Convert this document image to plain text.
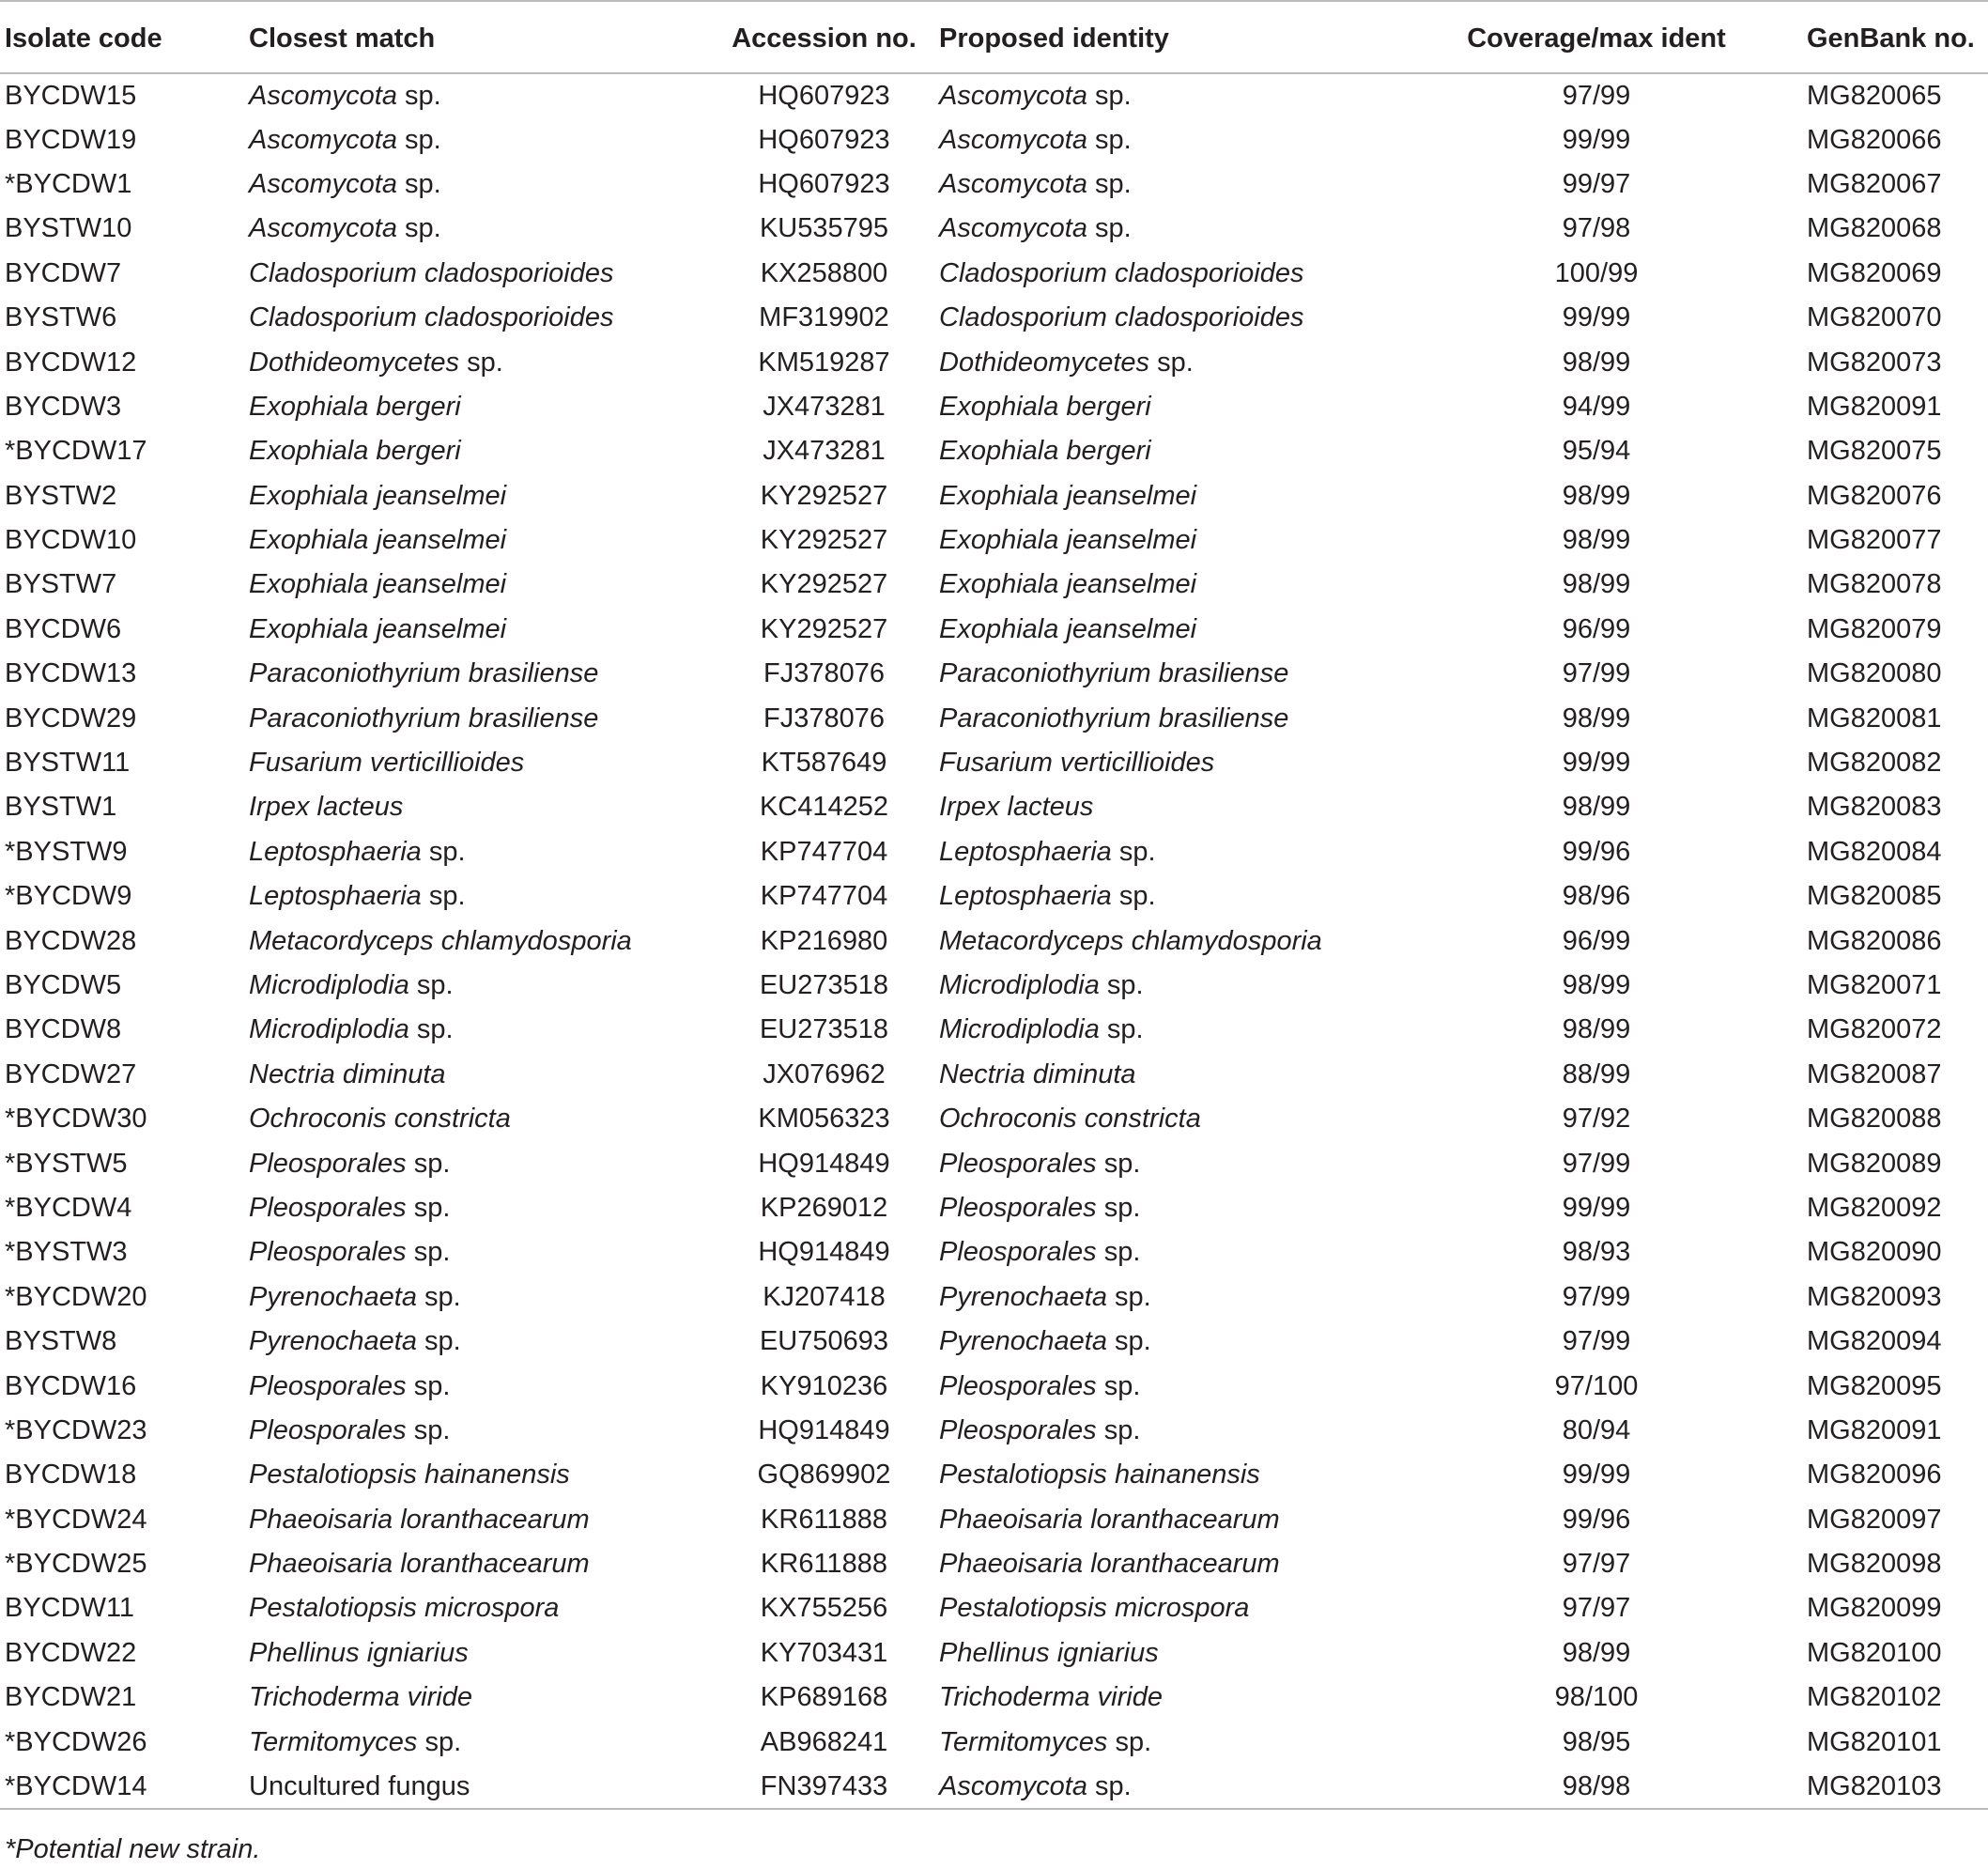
Isolate code	Closest match	Accession no.	Proposed identity	Coverage/max ident	GenBank no.
BYCDW15	Ascomycota sp.	HQ607923	Ascomycota sp.	97/99	MG820065
BYCDW19	Ascomycota sp.	HQ607923	Ascomycota sp.	99/99	MG820066
*BYCDW1	Ascomycota sp.	HQ607923	Ascomycota sp.	99/97	MG820067
BYSTW10	Ascomycota sp.	KU535795	Ascomycota sp.	97/98	MG820068
BYCDW7	Cladosporium cladosporioides	KX258800	Cladosporium cladosporioides	100/99	MG820069
BYSTW6	Cladosporium cladosporioides	MF319902	Cladosporium cladosporioides	99/99	MG820070
BYCDW12	Dothideomycetes sp.	KM519287	Dothideomycetes sp.	98/99	MG820073
BYCDW3	Exophiala bergeri	JX473281	Exophiala bergeri	94/99	MG820091
*BYCDW17	Exophiala bergeri	JX473281	Exophiala bergeri	95/94	MG820075
BYSTW2	Exophiala jeanselmei	KY292527	Exophiala jeanselmei	98/99	MG820076
BYCDW10	Exophiala jeanselmei	KY292527	Exophiala jeanselmei	98/99	MG820077
BYSTW7	Exophiala jeanselmei	KY292527	Exophiala jeanselmei	98/99	MG820078
BYCDW6	Exophiala jeanselmei	KY292527	Exophiala jeanselmei	96/99	MG820079
BYCDW13	Paraconiothyrium brasiliense	FJ378076	Paraconiothyrium brasiliense	97/99	MG820080
BYCDW29	Paraconiothyrium brasiliense	FJ378076	Paraconiothyrium brasiliense	98/99	MG820081
BYSTW11	Fusarium verticillioides	KT587649	Fusarium verticillioides	99/99	MG820082
BYSTW1	Irpex lacteus	KC414252	Irpex lacteus	98/99	MG820083
*BYSTW9	Leptosphaeria sp.	KP747704	Leptosphaeria sp.	99/96	MG820084
*BYCDW9	Leptosphaeria sp.	KP747704	Leptosphaeria sp.	98/96	MG820085
BYCDW28	Metacordyceps chlamydosporia	KP216980	Metacordyceps chlamydosporia	96/99	MG820086
BYCDW5	Microdiplodia sp.	EU273518	Microdiplodia sp.	98/99	MG820071
BYCDW8	Microdiplodia sp.	EU273518	Microdiplodia sp.	98/99	MG820072
BYCDW27	Nectria diminuta	JX076962	Nectria diminuta	88/99	MG820087
*BYCDW30	Ochroconis constricta	KM056323	Ochroconis constricta	97/92	MG820088
*BYSTW5	Pleosporales sp.	HQ914849	Pleosporales sp.	97/99	MG820089
*BYCDW4	Pleosporales sp.	KP269012	Pleosporales sp.	99/99	MG820092
*BYSTW3	Pleosporales sp.	HQ914849	Pleosporales sp.	98/93	MG820090
*BYCDW20	Pyrenochaeta sp.	KJ207418	Pyrenochaeta sp.	97/99	MG820093
BYSTW8	Pyrenochaeta sp.	EU750693	Pyrenochaeta sp.	97/99	MG820094
BYCDW16	Pleosporales sp.	KY910236	Pleosporales sp.	97/100	MG820095
*BYCDW23	Pleosporales sp.	HQ914849	Pleosporales sp.	80/94	MG820091
BYCDW18	Pestalotiopsis hainanensis	GQ869902	Pestalotiopsis hainanensis	99/99	MG820096
*BYCDW24	Phaeoisaria loranthacearum	KR611888	Phaeoisaria loranthacearum	99/96	MG820097
*BYCDW25	Phaeoisaria loranthacearum	KR611888	Phaeoisaria loranthacearum	97/97	MG820098
BYCDW11	Pestalotiopsis microspora	KX755256	Pestalotiopsis microspora	97/97	MG820099
BYCDW22	Phellinus igniarius	KY703431	Phellinus igniarius	98/99	MG820100
BYCDW21	Trichoderma viride	KP689168	Trichoderma viride	98/100	MG820102
*BYCDW26	Termitomyces sp.	AB968241	Termitomyces sp.	98/95	MG820101
*BYCDW14	Uncultured fungus	FN397433	Ascomycota sp.	98/98	MG820103
*Potential new strain.
